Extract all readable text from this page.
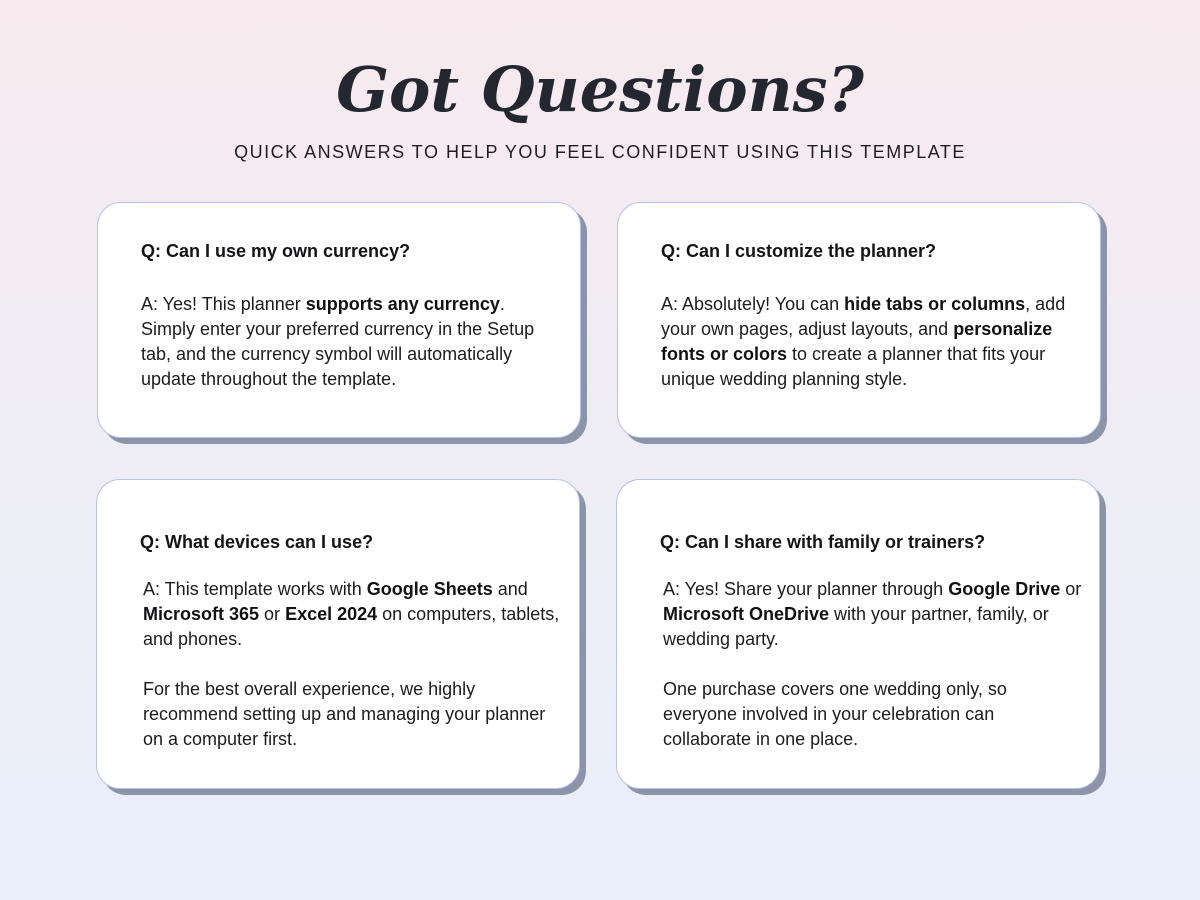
Got Questions?

QUICK ANSWERS TO HELP YOU FEEL CONFIDENT USING THIS TEMPLATE

Q: Can I use my own currency?

A: Yes! This planner supports any currency. Simply enter your preferred currency in the Setup tab, and the currency symbol will automatically update throughout the template.

Q: Can I customize the planner?

A: Absolutely! You can hide tabs or columns, add your own pages, adjust layouts, and personalize fonts or colors to create a planner that fits your unique wedding planning style.

Q: What devices can I use?

A: This template works with Google Sheets and Microsoft 365 or Excel 2024 on computers, tablets, and phones.

For the best overall experience, we highly recommend setting up and managing your planner on a computer first.

Q: Can I share with family or trainers?

A: Yes! Share your planner through Google Drive or Microsoft OneDrive with your partner, family, or wedding party.

One purchase covers one wedding only, so everyone involved in your celebration can collaborate in one place.
